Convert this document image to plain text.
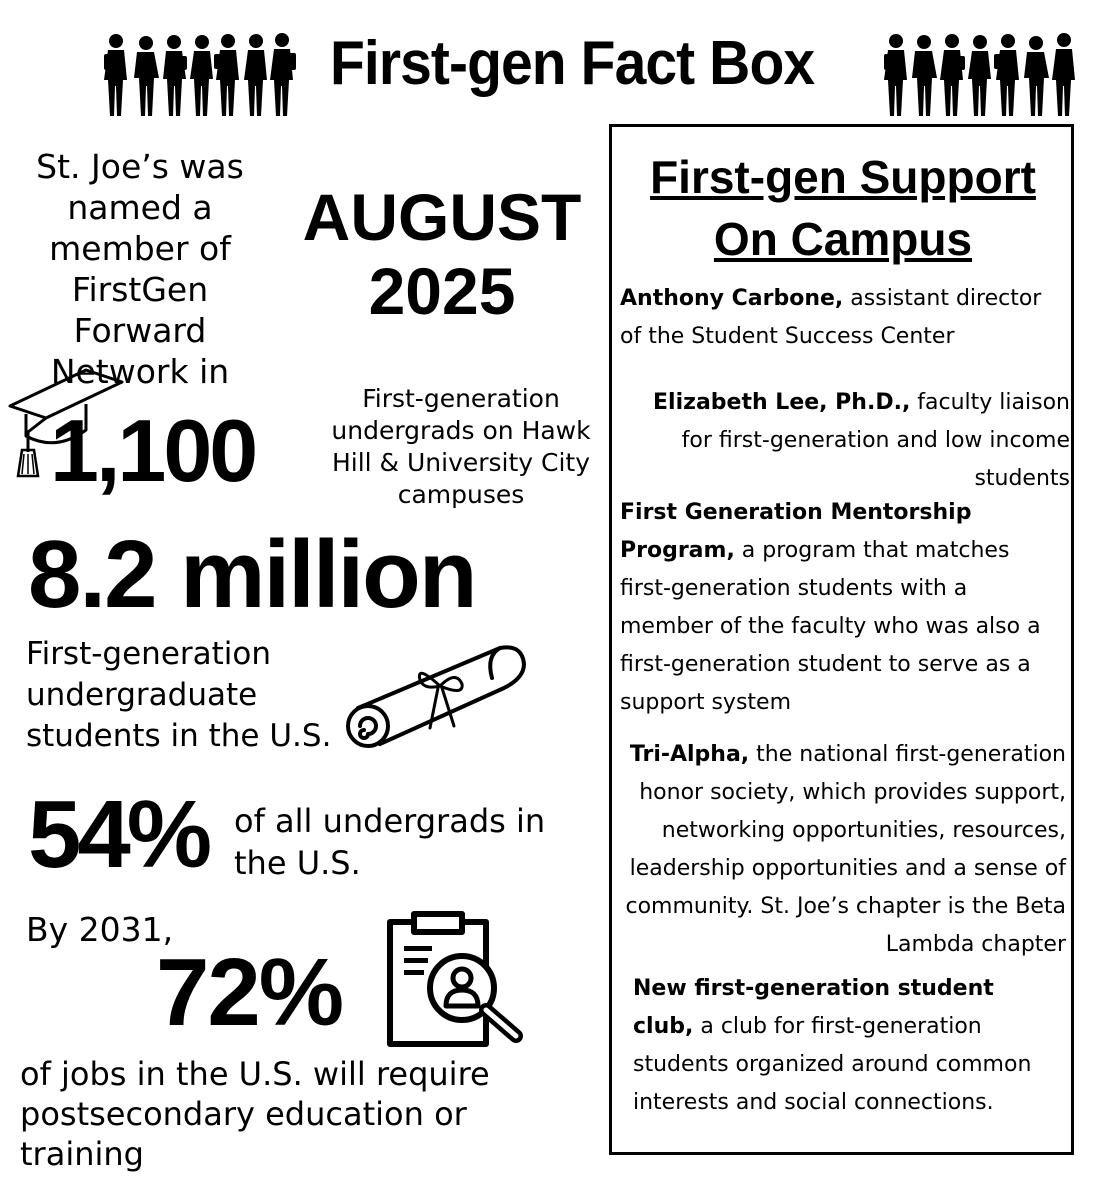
First-gen Fact Box
St. Joe’s was named a member of FirstGen Forward Network in
AUGUST
2025
1,100
First-generation undergrads on Hawk Hill & University City campuses
8.2 million
First-generation undergraduate students in the U.S.
54% of all undergrads in the U.S.
By 2031,
72%
of jobs in the U.S. will require postsecondary education or training
First-gen Support
On Campus
Anthony Carbone, assistant director of the Student Success Center
Elizabeth Lee, Ph.D., faculty liaison for first-generation and low income students
First Generation Mentorship Program, a program that matches first-generation students with a member of the faculty who was also a first-generation student to serve as a support system
Tri-Alpha, the national first-generation honor society, which provides support, networking opportunities, resources, leadership opportunities and a sense of community. St. Joe’s chapter is the Beta Lambda chapter
New first-generation student club, a club for first-generation students organized around common interests and social connections.
